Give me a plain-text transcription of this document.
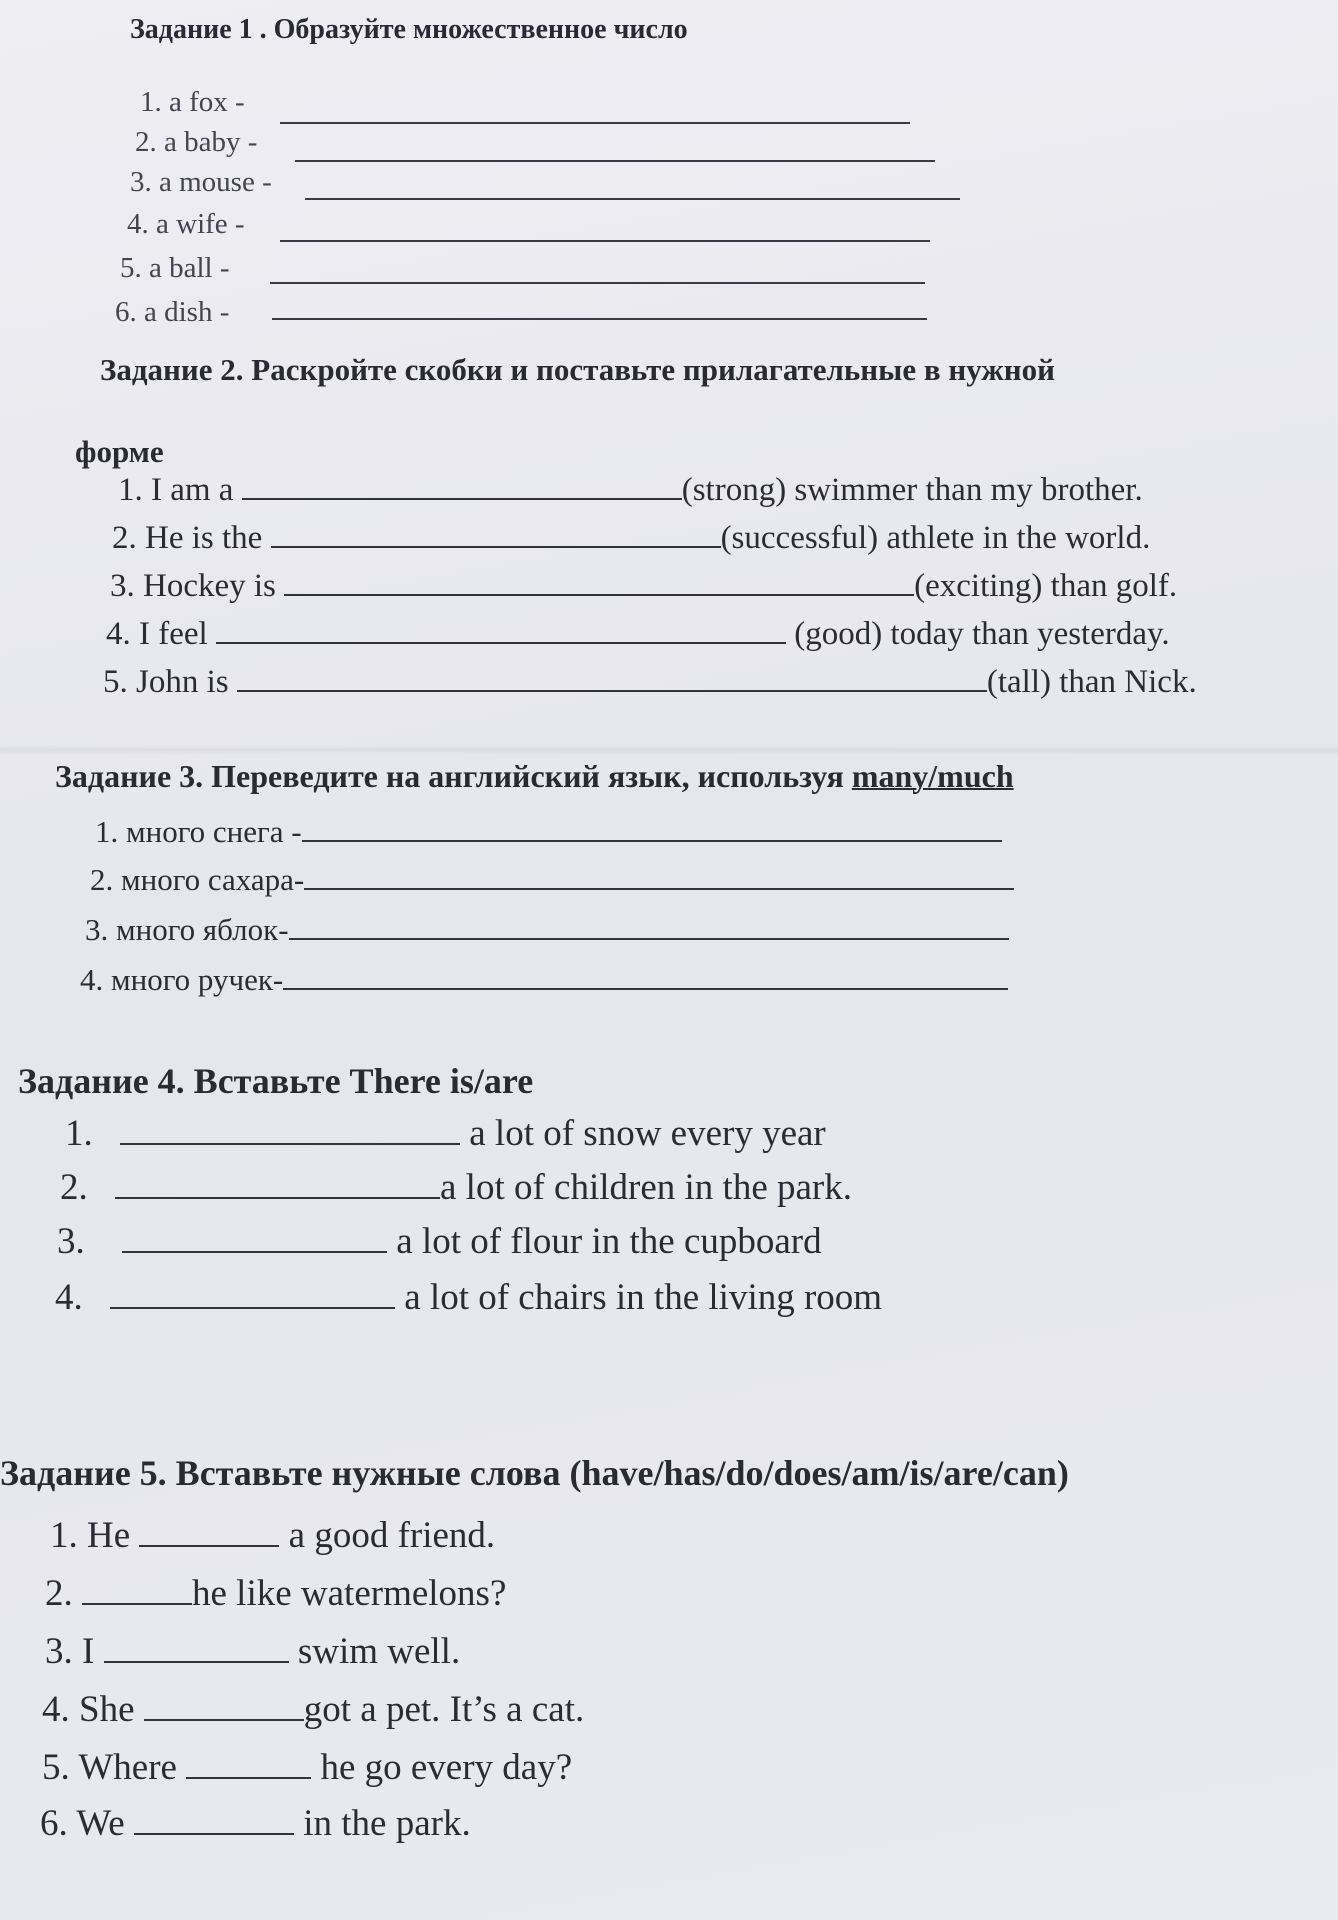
Задание 1 . Образуйте множественное число
1. a fox -
2. a baby -
3. a mouse -
4. a wife -
5. a ball -
6. a dish -
Задание 2. Раскройте скобки и поставьте прилагательные в нужной
форме
1. I am a	(strong) swimmer than my brother.
2. He is the	(successful) athlete in the world.
3. Hockey is	(exciting) than golf.
4. I feel	(good) today than yesterday.
5. John is	(tall) than Nick.
Задание 3. Переведите на английский язык, используя many/much
1. много снега -
2. много сахара-
3. много яблок-
4. много ручек-
Задание 4. Вставьте There is/are
1.	a lot of snow every year
2.	a lot of children in the park.
3.	a lot of flour in the cupboard
4.	a lot of chairs in the living room
Задание 5. Вставьте нужные слова (have/has/do/does/am/is/are/can)
1. He	a good friend.
2.	he like watermelons?
3. I	swim well.
4. She	got a pet. It’s a cat.
5. Where	he go every day?
6. We	in the park.
